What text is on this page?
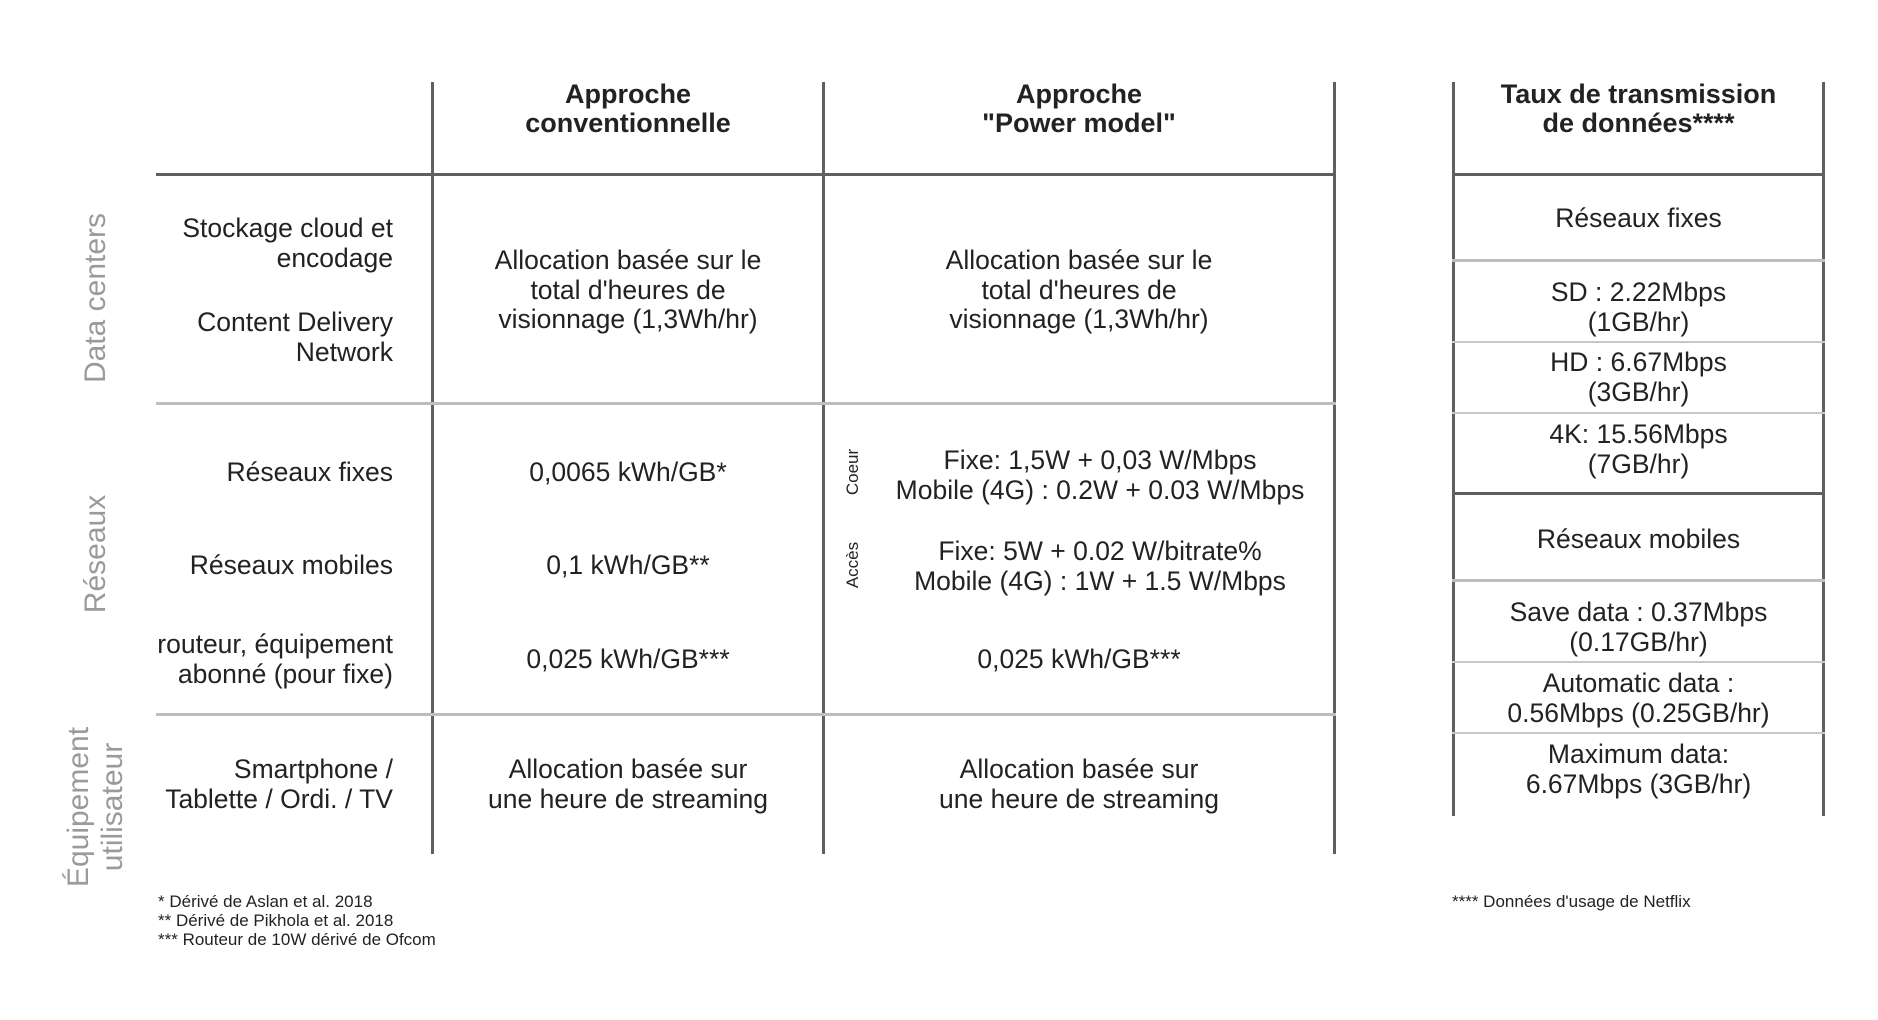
Approche
conventionnelle
Approche
"Power model"
Taux de transmission
de données****
Data centers
Réseaux
Équipement utilisateur
Stockage cloud et
encodage
Content Delivery
Network
Allocation basée sur le
total d'heures de
visionnage (1,3Wh/hr)
Allocation basée sur le
total d'heures de
visionnage (1,3Wh/hr)
Réseaux fixes
Réseaux mobiles
routeur, équipement
abonné (pour fixe)
0,0065 kWh/GB*
0,1 kWh/GB**
0,025 kWh/GB***
Coeur
Accès
Fixe: 1,5W + 0,03 W/Mbps
Mobile (4G) : 0.2W + 0.03 W/Mbps
Fixe: 5W + 0.02 W/bitrate%
Mobile (4G) : 1W + 1.5 W/Mbps
0,025 kWh/GB***
Smartphone /
Tablette / Ordi. / TV
Allocation basée sur
une heure de streaming
Allocation basée sur
une heure de streaming
Réseaux fixes
SD : 2.22Mbps
(1GB/hr)
HD : 6.67Mbps
(3GB/hr)
4K: 15.56Mbps
(7GB/hr)
Réseaux mobiles
Save data : 0.37Mbps
(0.17GB/hr)
Automatic data :
0.56Mbps (0.25GB/hr)
Maximum data:
6.67Mbps (3GB/hr)
* Dérivé de Aslan et al. 2018
** Dérivé de Pikhola et al. 2018
*** Routeur de 10W dérivé de Ofcom
**** Données d'usage de Netflix
